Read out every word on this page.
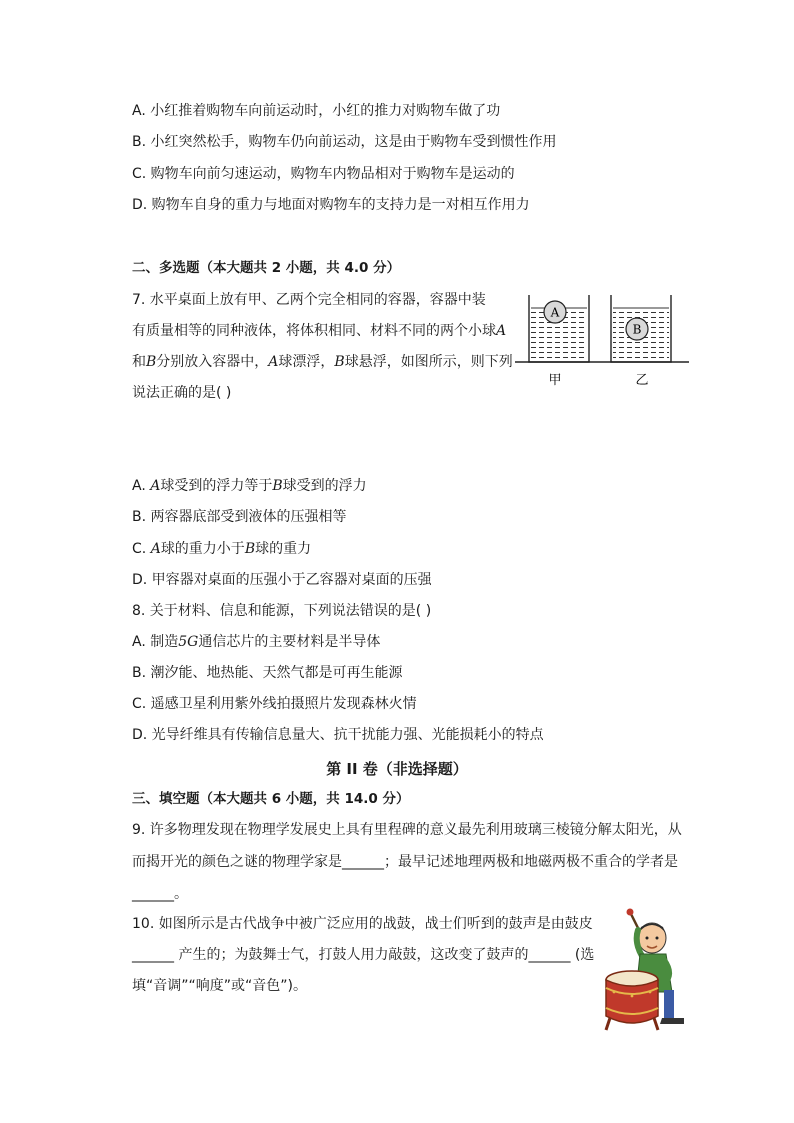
A. 小红推着购物车向前运动时，小红的推力对购物车做了功
B. 小红突然松手，购物车仍向前运动，这是由于购物车受到惯性作用
C. 购物车向前匀速运动，购物车内物品相对于购物车是运动的
D. 购物车自身的重力与地面对购物车的支持力是一对相互作用力
二、多选题（本大题共 2 小题，共 4.0 分）
7. 水平桌面上放有甲、乙两个完全相同的容器，容器中装
有质量相等的同种液体，将体积相同、材料不同的两个小球A
和B分别放入容器中，A球漂浮，B球悬浮，如图所示，则下列
说法正确的是( )
A
B
甲	乙
A. A球受到的浮力等于B球受到的浮力
B. 两容器底部受到液体的压强相等
C. A球的重力小于B球的重力
D. 甲容器对桌面的压强小于乙容器对桌面的压强
8. 关于材料、信息和能源，下列说法错误的是( )
A. 制造5G通信芯片的主要材料是半导体
B. 潮汐能、地热能、天然气都是可再生能源
C. 遥感卫星利用紫外线拍摄照片发现森林火情
D. 光导纤维具有传输信息量大、抗干扰能力强、光能损耗小的特点
第 II 卷（非选择题）
三、填空题（本大题共 6 小题，共 14.0 分）
9. 许多物理发现在物理学发展史上具有里程碑的意义最先利用玻璃三棱镜分解太阳光，从
而揭开光的颜色之谜的物理学家是______；最早记述地理两极和地磁两极不重合的学者是
______。
10. 如图所示是古代战争中被广泛应用的战鼓，战士们听到的鼓声是由鼓皮
______ 产生的；为鼓舞士气，打鼓人用力敲鼓，这改变了鼓声的______ (选
填“音调”“响度”或“音色”)。
